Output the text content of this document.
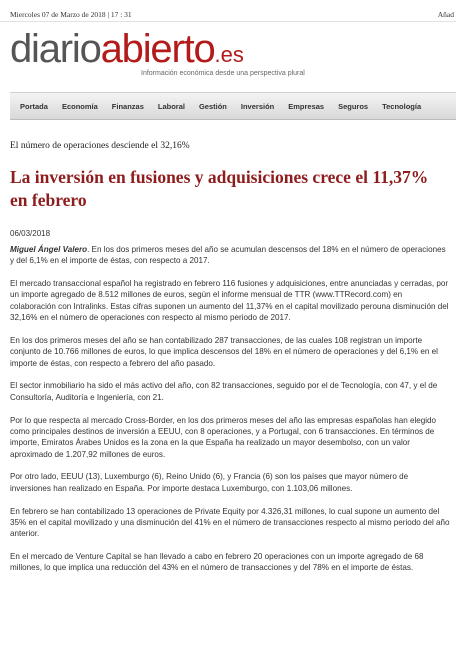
Miercoles 07 de Marzo de 2018 | 17 : 31	Añad
diarioabierto.es
Información económica desde una perspectiva plural
Portada	Economía	Finanzas	Laboral	Gestión	Inversión	Empresas	Seguros	Tecnología
El número de operaciones desciende el 32,16%
La inversión en fusiones y adquisiciones crece el 11,37% en febrero
06/03/2018

Miguel Ángel Valero. En los dos primeros meses del año se acumulan descensos del 18% en el número de operaciones y del 6,1% en el importe de éstas, con respecto a 2017.

El mercado transaccional español ha registrado en febrero 116 fusiones y adquisiciones, entre anunciadas y cerradas, por un importe agregado de 8.512 millones de euros, según el informe mensual de TTR (www.TTRecord.com) en colaboración con Intralinks. Estas cifras suponen un aumento del 11,37% en el capital movilizado perouna disminución del 32,16% en el número de operaciones con respecto al mismo periodo de 2017.

En los dos primeros meses del año se han contabilizado 287 transacciones, de las cuales 108 registran un importe conjunto de 10.766 millones de euros, lo que implica descensos del 18% en el número de operaciones y del 6,1% en el importe de éstas, con respecto a febrero del año pasado.

El sector inmobiliario ha sido el más activo del año, con 82 transacciones, seguido por el de Tecnología, con 47, y el de Consultoría, Auditoría e Ingeniería, con 21.

Por lo que respecta al mercado Cross-Border, en los dos primeros meses del año las empresas españolas han elegido como principales destinos de inversión a EEUU, con 8 operaciones, y a Portugal, con 6 transacciones. En términos de importe, Emiratos Árabes Unidos es la zona en la que España ha realizado un mayor desembolso, con un valor aproximado de 1.207,92 millones de euros.

Por otro lado, EEUU (13), Luxemburgo (6), Reino Unido (6), y Francia (6) son los países que mayor número de inversiones han realizado en España. Por importe destaca Luxemburgo, con 1.103,06 millones.

En febrero se han contabilizado 13 operaciones de Private Equity por 4.326,31 millones, lo cual supone un aumento del 35% en el capital movilizado y una disminución del 41% en el número de transacciones respecto al mismo periodo del año anterior.

En el mercado de Venture Capital se han llevado a cabo en febrero 20 operaciones con un importe agregado de 68 millones, lo que implica una reducción del 43% en el número de transacciones y del 78% en el importe de éstas.
